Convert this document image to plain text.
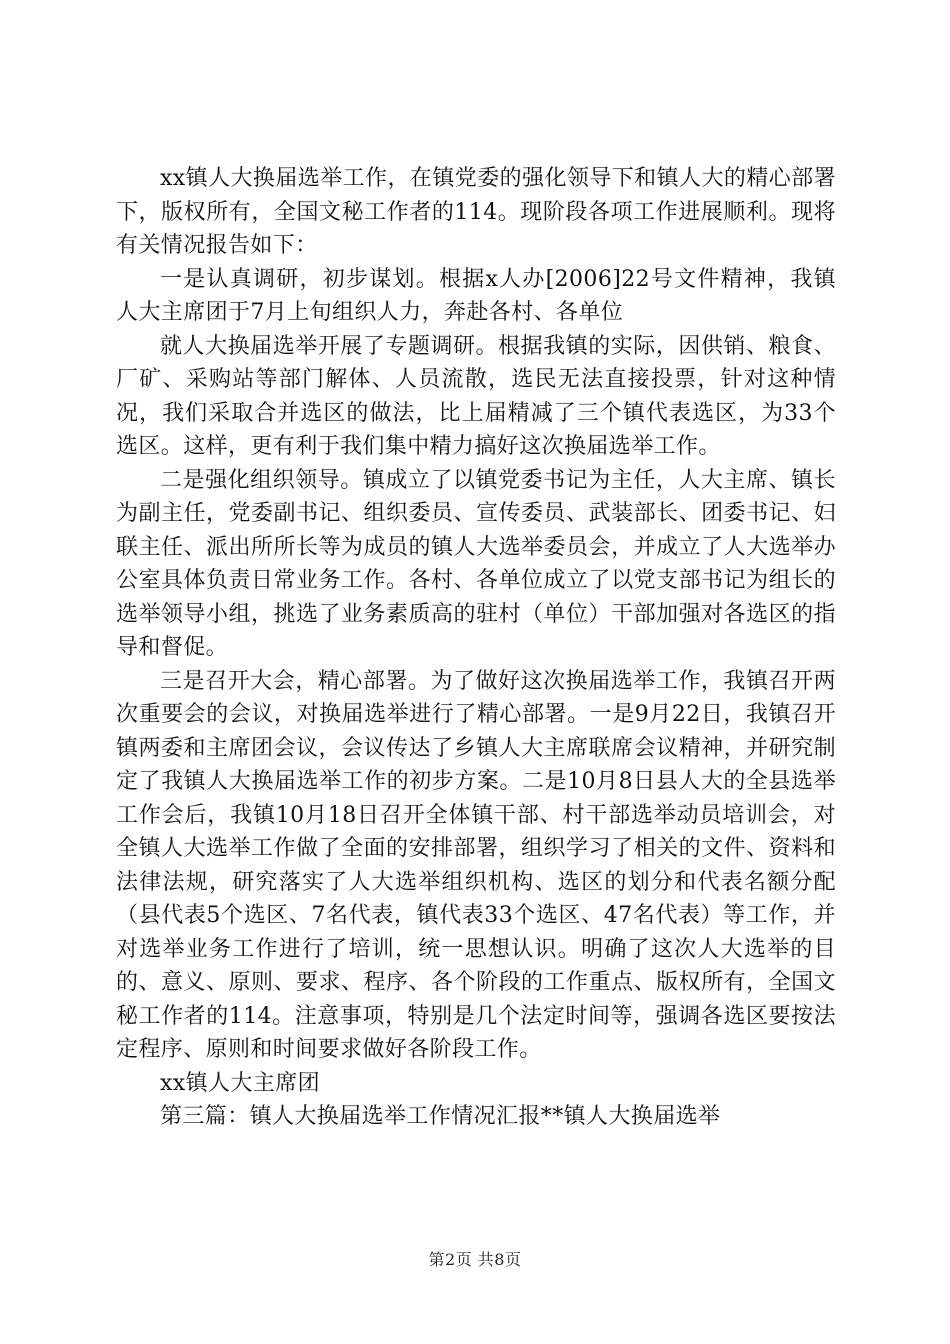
xx镇人大换届选举工作，在镇党委的强化领导下和镇人大的精心部署下，版权所有，全国文秘工作者的114。现阶段各项工作进展顺利。现将有关情况报告如下：

一是认真调研，初步谋划。根据x人办[2006]22号文件精神，我镇人大主席团于7月上旬组织人力，奔赴各村、各单位

就人大换届选举开展了专题调研。根据我镇的实际，因供销、粮食、厂矿、采购站等部门解体、人员流散，选民无法直接投票，针对这种情况，我们采取合并选区的做法，比上届精减了三个镇代表选区，为33个选区。这样，更有利于我们集中精力搞好这次换届选举工作。

二是强化组织领导。镇成立了以镇党委书记为主任，人大主席、镇长为副主任，党委副书记、组织委员、宣传委员、武装部长、团委书记、妇联主任、派出所所长等为成员的镇人大选举委员会，并成立了人大选举办公室具体负责日常业务工作。各村、各单位成立了以党支部书记为组长的选举领导小组，挑选了业务素质高的驻村（单位）干部加强对各选区的指导和督促。

三是召开大会，精心部署。为了做好这次换届选举工作，我镇召开两次重要会的会议，对换届选举进行了精心部署。一是9月22日，我镇召开镇两委和主席团会议，会议传达了乡镇人大主席联席会议精神，并研究制定了我镇人大换届选举工作的初步方案。二是10月8日县人大的全县选举工作会后，我镇10月18日召开全体镇干部、村干部选举动员培训会，对全镇人大选举工作做了全面的安排部署，组织学习了相关的文件、资料和法律法规，研究落实了人大选举组织机构、选区的划分和代表名额分配（县代表5个选区、7名代表，镇代表33个选区、47名代表）等工作，并对选举业务工作进行了培训，统一思想认识。明确了这次人大选举的目的、意义、原则、要求、程序、各个阶段的工作重点、版权所有，全国文秘工作者的114。注意事项，特别是几个法定时间等，强调各选区要按法定程序、原则和时间要求做好各阶段工作。

xx镇人大主席团

第三篇：镇人大换届选举工作情况汇报**镇人大换届选举

第2页 共8页
